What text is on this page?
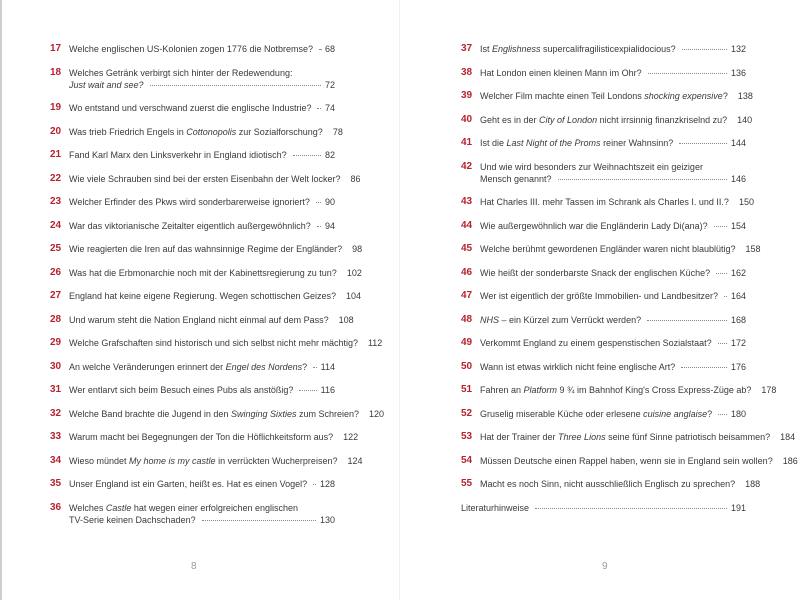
17 Welche englischen US-Kolonien zogen 1776 die Notbremse? 68
18 Welches Getränk verbirgt sich hinter der Redewendung:
Just wait and see?	72
19 Wo entstand und verschwand zuerst die englische Industrie? 74
20 Was trieb Friedrich Engels in Cottonopolis zur Sozialforschung? 78
21 Fand Karl Marx den Linksverkehr in England idiotisch?	82
22 Wie viele Schrauben sind bei der ersten Eisenbahn der Welt locker? 86
23 Welcher Erfinder des Pkws wird sonderbarerweise ignoriert? 90
24 War das viktorianische Zeitalter eigentlich außergewöhnlich? 94
25 Wie reagierten die Iren auf das wahnsinnige Regime der Engländer? 98
26 Was hat die Erbmonarchie noch mit der Kabinettsregierung zu tun? 102
27 England hat keine eigene Regierung. Wegen schottischen Geizes? 104
28 Und warum steht die Nation England nicht einmal auf dem Pass? 108
29 Welche Grafschaften sind historisch und sich selbst nicht mehr mächtig? 112
30 An welche Veränderungen erinnert der Engel des Nordens ? 114
31 Wer entlarvt sich beim Besuch eines Pubs als anstößig?	116
32 Welche Band brachte die Jugend in den Swinging Sixties zum Schreien? 120
33 Warum macht bei Begegnungen der Ton die Höflichkeitsform aus? 122
34 Wieso mündet My home is my castle in verrückten Wucherpreisen? 124
35 Unser England ist ein Garten, heißt es. Hat es einen Vogel? 128
36 Welches Castle hat wegen einer erfolgreichen englischen
TV-Serie keinen Dachschaden?	130
37 Ist Englishness supercalifragilisticexpialidocious?	132
38 Hat London einen kleinen Mann im Ohr?	136
39 Welcher Film machte einen Teil Londons shocking expensive ? 138
40 Geht es in der City of London nicht irrsinnig finanzkriselnd zu? 140
41 Ist die Last Night of the Proms reiner Wahnsinn?	144
42 Und wie wird besonders zur Weihnachtszeit ein geiziger
Mensch genannt?	146
43 Hat Charles III. mehr Tassen im Schrank als Charles I. und II.? 150
44 Wie außergewöhnlich war die Engländerin Lady Di(ana)?	154
45 Welche berühmt gewordenen Engländer waren nicht blaublütig? 158
46 Wie heißt der sonderbarste Snack der englischen Küche? 162
47 Wer ist eigentlich der größte Immobilien- und Landbesitzer? 164
48 NHS – ein Kürzel zum Verrückt werden?	168
49 Verkommt England zu einem gespenstischen Sozialstaat? 172
50 Wann ist etwas wirklich nicht feine englische Art?	176
51 Fahren an Platform 9 ¾ im Bahnhof King's Cross Express-Züge ab? 178
52 Gruselig miserable Küche oder erlesene cuisine anglaise ? 180
53 Hat der Trainer der Three Lions seine fünf Sinne patriotisch beisammen? 184
54 Müssen Deutsche einen Rappel haben, wenn sie in England sein wollen? 186
55 Macht es noch Sinn, nicht ausschließlich Englisch zu sprechen? 188
Literaturhinweise	191
8	9
